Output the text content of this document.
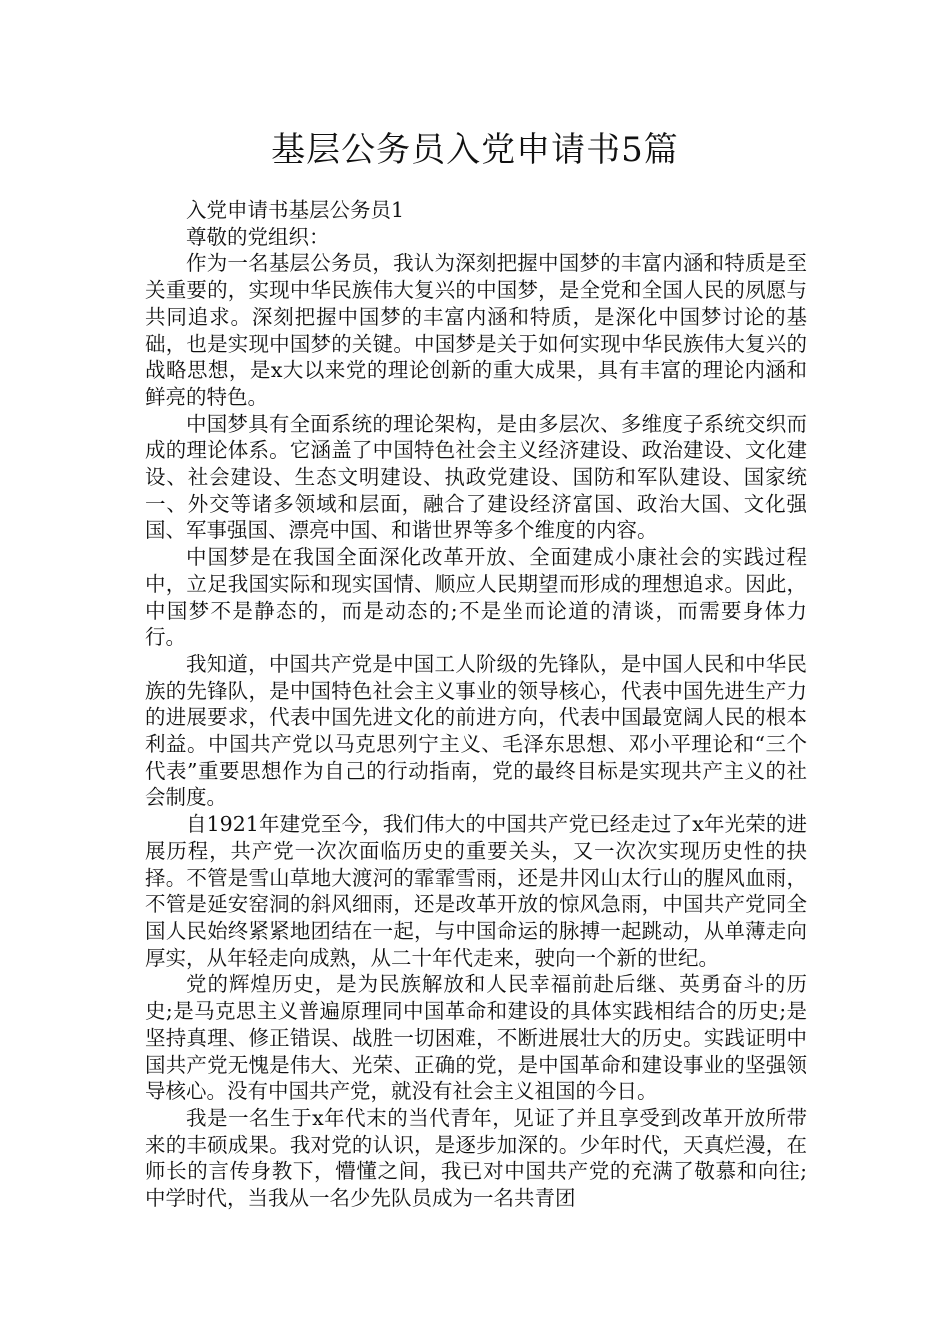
基层公务员入党申请书5篇

入党申请书基层公务员1

尊敬的党组织：

作为一名基层公务员，我认为深刻把握中国梦的丰富内涵和特质是至关重要的，实现中华民族伟大复兴的中国梦，是全党和全国人民的夙愿与共同追求。深刻把握中国梦的丰富内涵和特质，是深化中国梦讨论的基础，也是实现中国梦的关键。中国梦是关于如何实现中华民族伟大复兴的战略思想，是x大以来党的理论创新的重大成果，具有丰富的理论内涵和鲜亮的特色。

中国梦具有全面系统的理论架构，是由多层次、多维度子系统交织而成的理论体系。它涵盖了中国特色社会主义经济建设、政治建设、文化建设、社会建设、生态文明建设、执政党建设、国防和军队建设、国家统一、外交等诸多领域和层面，融合了建设经济富国、政治大国、文化强国、军事强国、漂亮中国、和谐世界等多个维度的内容。

中国梦是在我国全面深化改革开放、全面建成小康社会的实践过程中，立足我国实际和现实国情、顺应人民期望而形成的理想追求。因此，中国梦不是静态的，而是动态的;不是坐而论道的清谈，而需要身体力行。

我知道，中国共产党是中国工人阶级的先锋队，是中国人民和中华民族的先锋队，是中国特色社会主义事业的领导核心，代表中国先进生产力的进展要求，代表中国先进文化的前进方向，代表中国最宽阔人民的根本利益。中国共产党以马克思列宁主义、毛泽东思想、邓小平理论和“三个代表”重要思想作为自己的行动指南，党的最终目标是实现共产主义的社会制度。

自1921年建党至今，我们伟大的中国共产党已经走过了x年光荣的进展历程，共产党一次次面临历史的重要关头，又一次次实现历史性的抉择。不管是雪山草地大渡河的霏霏雪雨，还是井冈山太行山的腥风血雨，不管是延安窑洞的斜风细雨，还是改革开放的惊风急雨，中国共产党同全国人民始终紧紧地团结在一起，与中国命运的脉搏一起跳动，从单薄走向厚实，从年轻走向成熟，从二十年代走来，驶向一个新的世纪。

党的辉煌历史，是为民族解放和人民幸福前赴后继、英勇奋斗的历史;是马克思主义普遍原理同中国革命和建设的具体实践相结合的历史;是坚持真理、修正错误、战胜一切困难，不断进展壮大的历史。实践证明中国共产党无愧是伟大、光荣、正确的党，是中国革命和建设事业的坚强领导核心。没有中国共产党，就没有社会主义祖国的今日。

我是一名生于x年代末的当代青年，见证了并且享受到改革开放所带来的丰硕成果。我对党的认识，是逐步加深的。少年时代，天真烂漫，在师长的言传身教下，懵懂之间，我已对中国共产党的充满了敬慕和向往;中学时代，当我从一名少先队员成为一名共青团
